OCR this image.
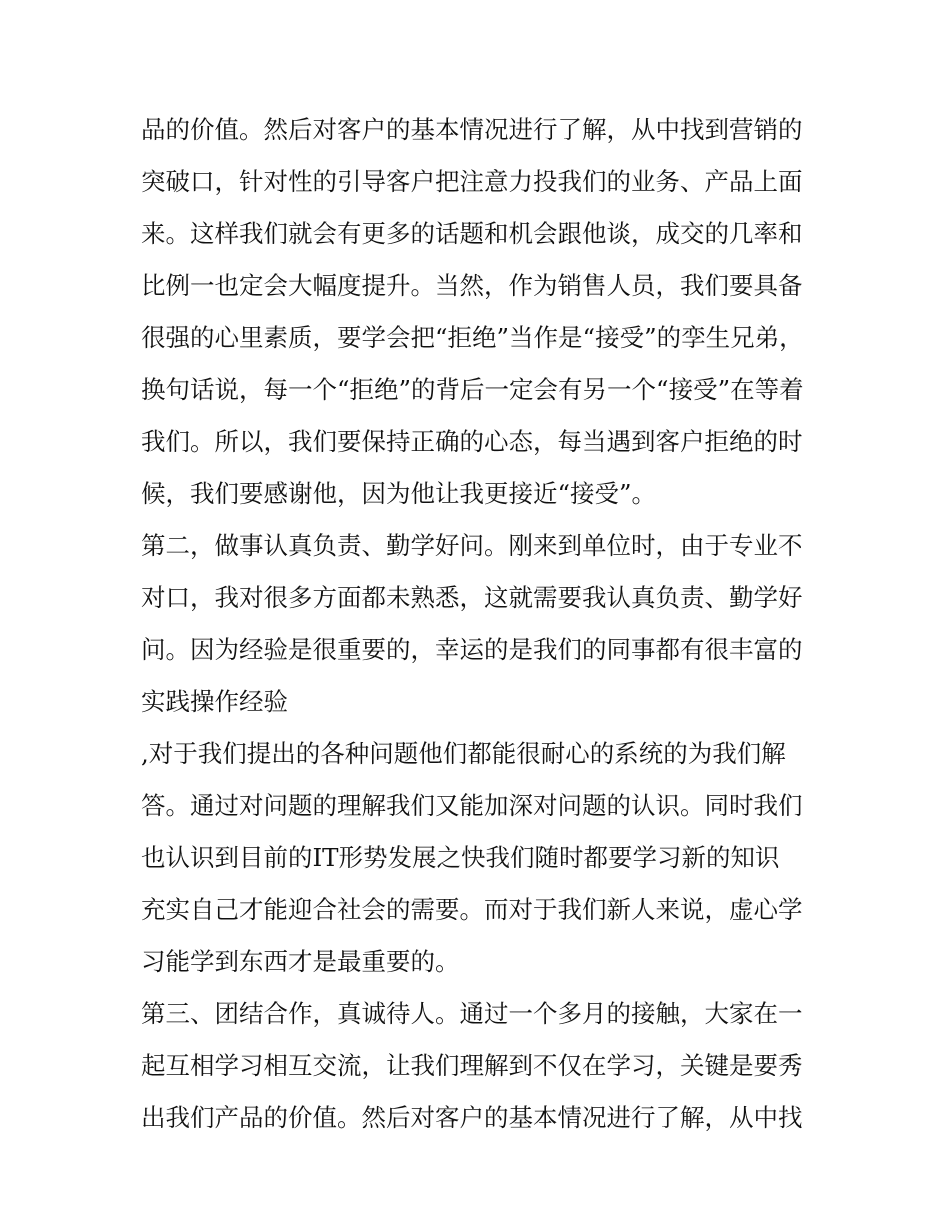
品的价值。然后对客户的基本情况进行了解，从中找到营销的
突破口，针对性的引导客户把注意力投我们的业务、产品上面
来。这样我们就会有更多的话题和机会跟他谈，成交的几率和
比例一也定会大幅度提升。当然，作为销售人员，我们要具备
很强的心里素质，要学会把“拒绝”当作是“接受”的孪生兄弟，
换句话说，每一个“拒绝”的背后一定会有另一个“接受”在等着
我们。所以，我们要保持正确的心态，每当遇到客户拒绝的时
候，我们要感谢他，因为他让我更接近“接受”。
第二，做事认真负责、勤学好问。刚来到单位时，由于专业不
对口，我对很多方面都未熟悉，这就需要我认真负责、勤学好
问。因为经验是很重要的，幸运的是我们的同事都有很丰富的
实践操作经验
,对于我们提出的各种问题他们都能很耐心的系统的为我们解
答。通过对问题的理解我们又能加深对问题的认识。同时我们
也认识到目前的IT形势发展之快我们随时都要学习新的知识
充实自己才能迎合社会的需要。而对于我们新人来说，虚心学
习能学到东西才是最重要的。
第三、团结合作，真诚待人。通过一个多月的接触，大家在一
起互相学习相互交流，让我们理解到不仅在学习，关键是要秀
出我们产品的价值。然后对客户的基本情况进行了解，从中找
